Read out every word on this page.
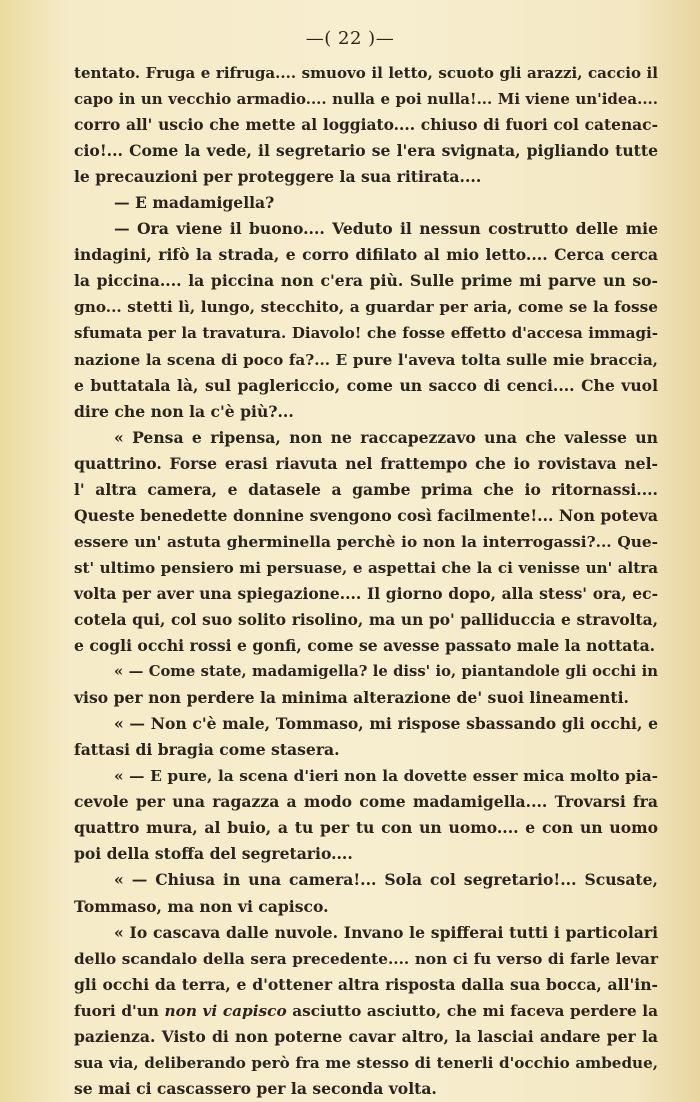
—( 22 )—
tentato. Fruga e rifruga.... smuovo il letto, scuoto gli arazzi, caccio il
capo in un vecchio armadio.... nulla e poi nulla!... Mi viene un'idea....
corro all' uscio che mette al loggiato.... chiuso di fuori col catenac-
cio!... Come la vede, il segretario se l'era svignata, pigliando tutte
le precauzioni per proteggere la sua ritirata....
— E madamigella?
— Ora viene il buono.... Veduto il nessun costrutto delle mie
indagini, rifò la strada, e corro difilato al mio letto.... Cerca cerca
la piccina.... la piccina non c'era più. Sulle prime mi parve un so-
gno... stetti lì, lungo, stecchito, a guardar per aria, come se la fosse
sfumata per la travatura. Diavolo! che fosse effetto d'accesa immagi-
nazione la scena di poco fa?... E pure l'aveva tolta sulle mie braccia,
e buttatala là, sul paglericcio, come un sacco di cenci.... Che vuol
dire che non la c'è più?...
« Pensa e ripensa, non ne raccapezzavo una che valesse un
quattrino. Forse erasi riavuta nel frattempo che io rovistava nel-
l' altra camera, e datasele a gambe prima che io ritornassi....
Queste benedette donnine svengono così facilmente!... Non poteva
essere un' astuta gherminella perchè io non la interrogassi?... Que-
st' ultimo pensiero mi persuase, e aspettai che la ci venisse un' altra
volta per aver una spiegazione.... Il giorno dopo, alla stess' ora, ec-
cotela qui, col suo solito risolino, ma un po' palliduccia e stravolta,
e cogli occhi rossi e gonfi, come se avesse passato male la nottata.
« — Come state, madamigella? le diss' io, piantandole gli occhi in
viso per non perdere la minima alterazione de' suoi lineamenti.
« — Non c'è male, Tommaso, mi rispose sbassando gli occhi, e
fattasi di bragia come stasera.
« — E pure, la scena d'ieri non la dovette esser mica molto pia-
cevole per una ragazza a modo come madamigella.... Trovarsi fra
quattro mura, al buio, a tu per tu con un uomo.... e con un uomo
poi della stoffa del segretario....
« — Chiusa in una camera!... Sola col segretario!... Scusate,
Tommaso, ma non vi capisco.
« Io cascava dalle nuvole. Invano le spifferai tutti i particolari
dello scandalo della sera precedente.... non ci fu verso di farle levar
gli occhi da terra, e d'ottener altra risposta dalla sua bocca, all'in-
fuori d'un non vi capisco asciutto asciutto, che mi faceva perdere la
pazienza. Visto di non poterne cavar altro, la lasciai andare per la
sua via, deliberando però fra me stesso di tenerli d'occhio ambedue,
se mai ci cascassero per la seconda volta.
